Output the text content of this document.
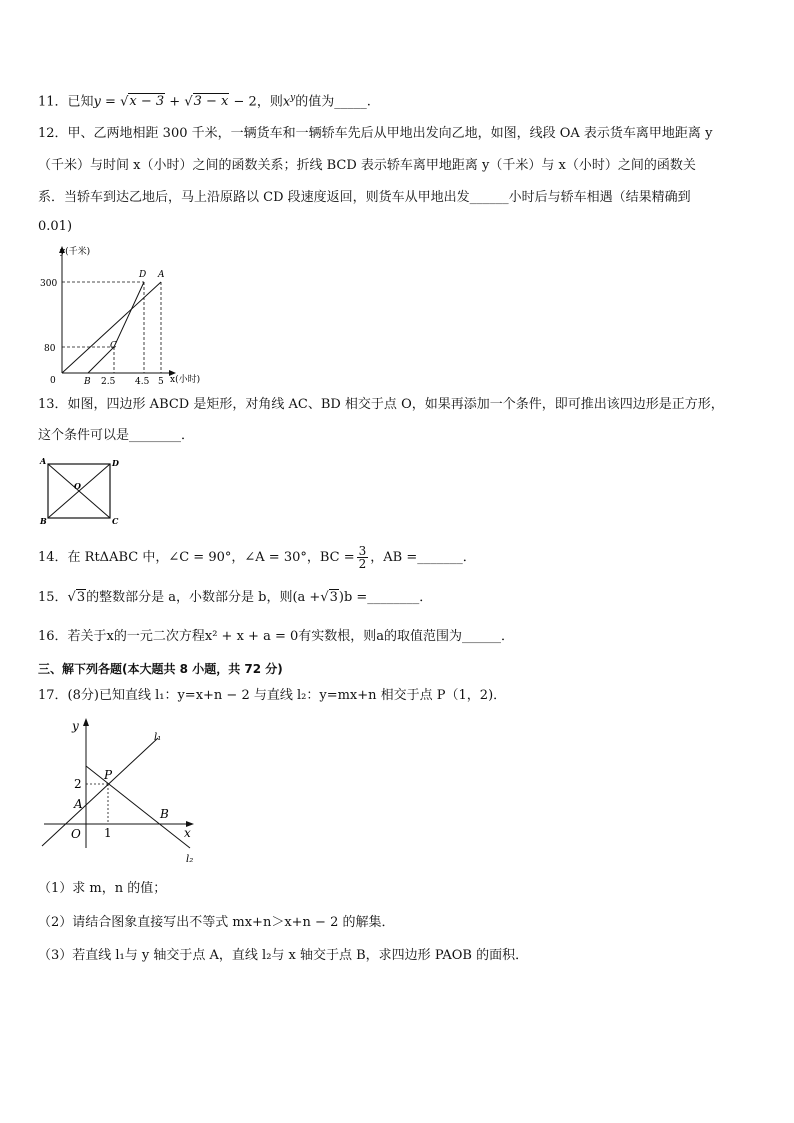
11．已知y = √x − 3 + √3 − x − 2，则$x^y$的值为_____.
12．甲、乙两地相距 300 千米，一辆货车和一辆轿车先后从甲地出发向乙地，如图，线段 OA 表示货车离甲地距离 y
（千米）与时间 x（小时）之间的函数关系；折线 BCD 表示轿车离甲地距离 y（千米）与 x（小时）之间的函数关
系．当轿车到达乙地后，马上沿原路以 CD 段速度返回，则货车从甲地出发______小时后与轿车相遇（结果精确到
0.01)
y(千米)
x(小时)
300
80
0	B 2.5 4.5 5
D A
C
13．如图，四边形 ABCD 是矩形，对角线 AC、BD 相交于点 O，如果再添加一个条件，即可推出该四边形是正方形，
这个条件可以是________．
A
B	C
D
O
14．在 RtΔABC 中，∠C = 90°，∠A = 30°，BC = $\frac{3}{2}$ ，AB =_______．
15．√3的整数部分是 a，小数部分是 b，则(a +√3)b =________．
16．若关于x的一元二次方程x² + x + a = 0有实数根，则a的取值范围为______．
三、解下列各题(本大题共 8 小题，共 72 分)
17．(8分)已知直线 l₁：y=x+n − 2 与直线 l₂：y=mx+n 相交于点 P（1，2)．
y
x
O
A
B
P
2
1
l₁
l₂
（1）求 m，n 的值；
（2）请结合图象直接写出不等式 mx+n＞x+n − 2 的解集．
（3）若直线 l₁与 y 轴交于点 A，直线 l₂与 x 轴交于点 B，求四边形 PAOB 的面积．
